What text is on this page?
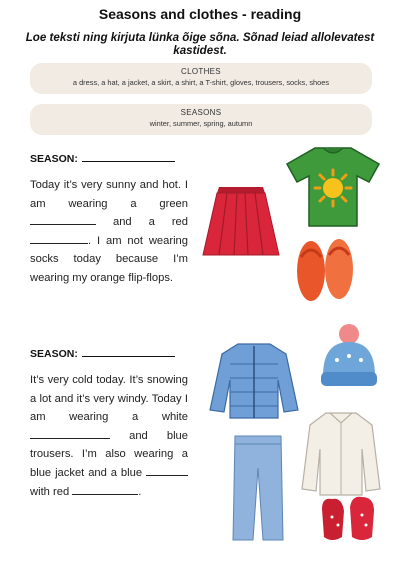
Seasons and clothes - reading
Loe teksti ning kirjuta lünka õige sõna. Sõnad leiad allolevatest kastidest.
CLOTHES
a dress, a hat, a jacket, a skirt, a shirt, a T-shirt, gloves, trousers, socks, shoes
SEASONS
winter, summer, spring, autumn
SEASON:
Today it’s very sunny and hot. I am wearing a green  and a red . I am not wearing socks today because I’m wearing my orange flip-flops.
SEASON:
It’s very cold today. It’s snowing a lot and it’s very windy. Today I am wearing a white  and blue trousers. I’m also wearing a blue jacket and a blue  with red	.
